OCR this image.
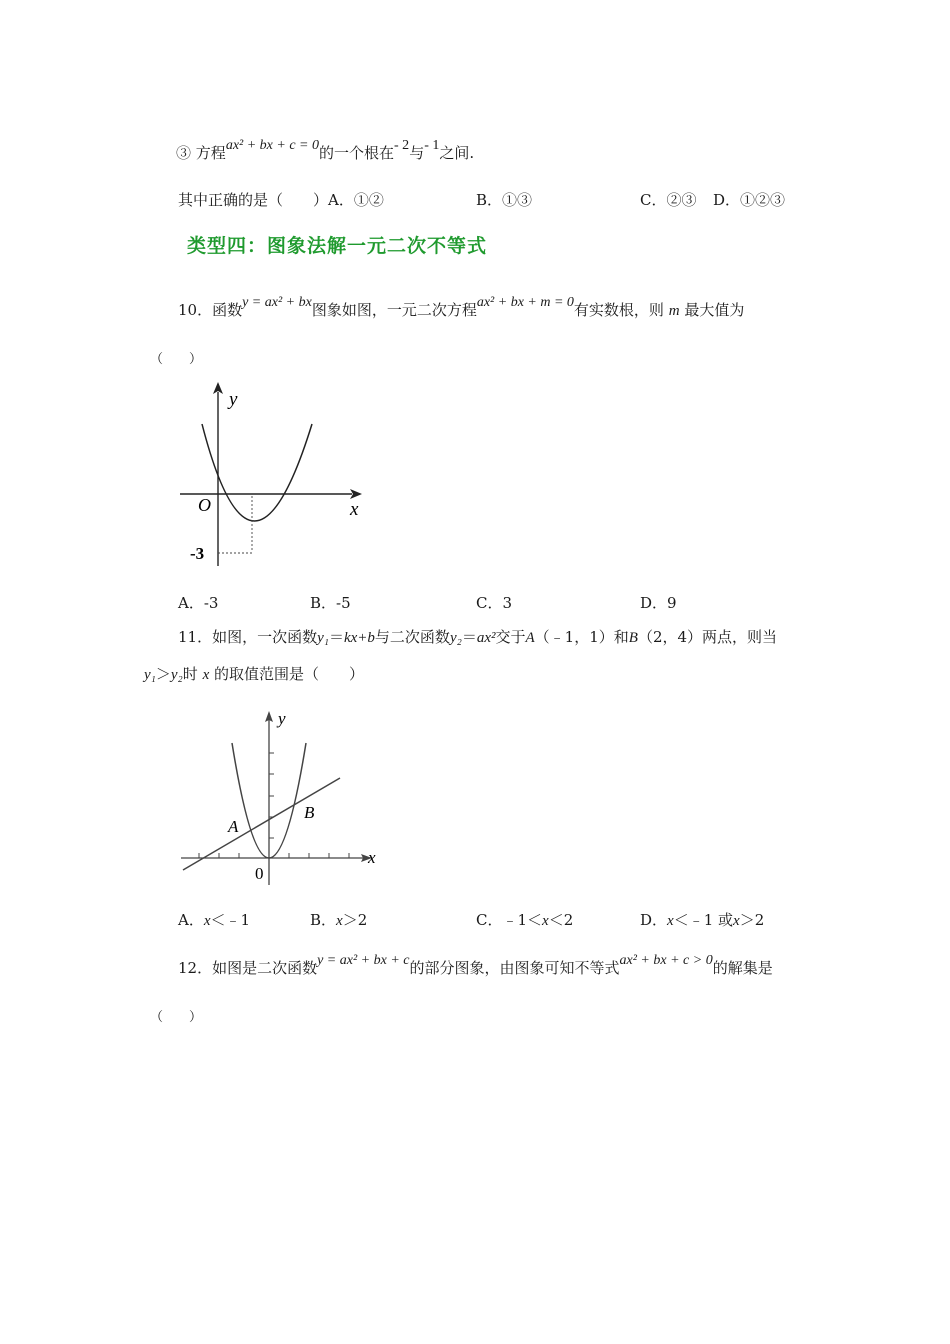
③ 方程ax² + bx + c = 0的一个根在- 2与- 1之间.
其中正确的是（　　）A．①②	B．①③	C．②③ D．①②③
类型四：图象法解一元二次不等式
10．函数y = ax² + bx图象如图，一元二次方程ax² + bx + m = 0有实数根，则 m 最大值为
（　　）
y
x
O
-3
A．-3	B．-5	C．3	D．9
11．如图，一次函数y₁＝kx+b与二次函数y₂＝ax²交于A（﹣1，1）和B（2，4）两点，则当
y₁＞y₂时 x 的取值范围是（　　）
y
x
0
A
B
A．x＜﹣1	B．x＞2	C．﹣1＜x＜2	D．x＜﹣1 或x＞2
12．如图是二次函数y = ax² + bx + c的部分图象，由图象可知不等式ax² + bx + c > 0的解集是
（　　）
